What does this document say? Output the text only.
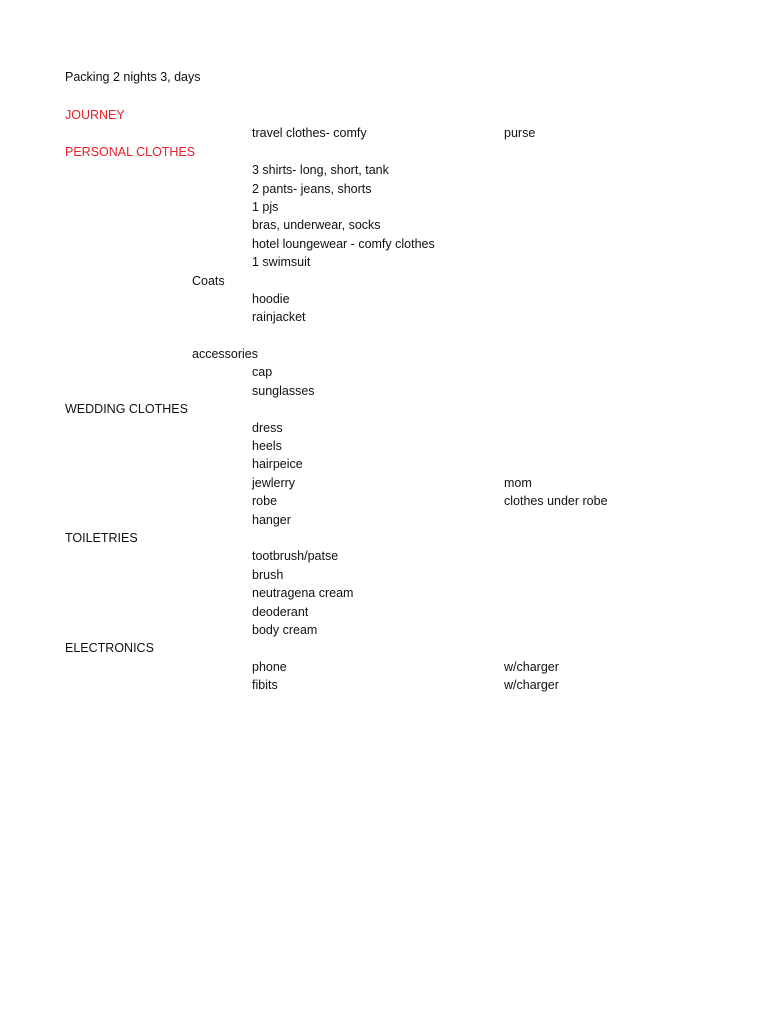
Packing 2 nights 3, days
JOURNEY
travel clothes- comfy	purse
PERSONAL CLOTHES
3 shirts- long, short, tank
2 pants- jeans, shorts
1 pjs
bras, underwear, socks
hotel loungewear - comfy clothes
1 swimsuit
Coats
hoodie
rainjacket
accessories
cap
sunglasses
WEDDING CLOTHES
dress
heels
hairpeice
jewlerry	mom
robe	clothes under robe
hanger
TOILETRIES
tootbrush/patse
brush
neutragena cream
deoderant
body cream
ELECTRONICS
phone	w/charger
fibits	w/charger
